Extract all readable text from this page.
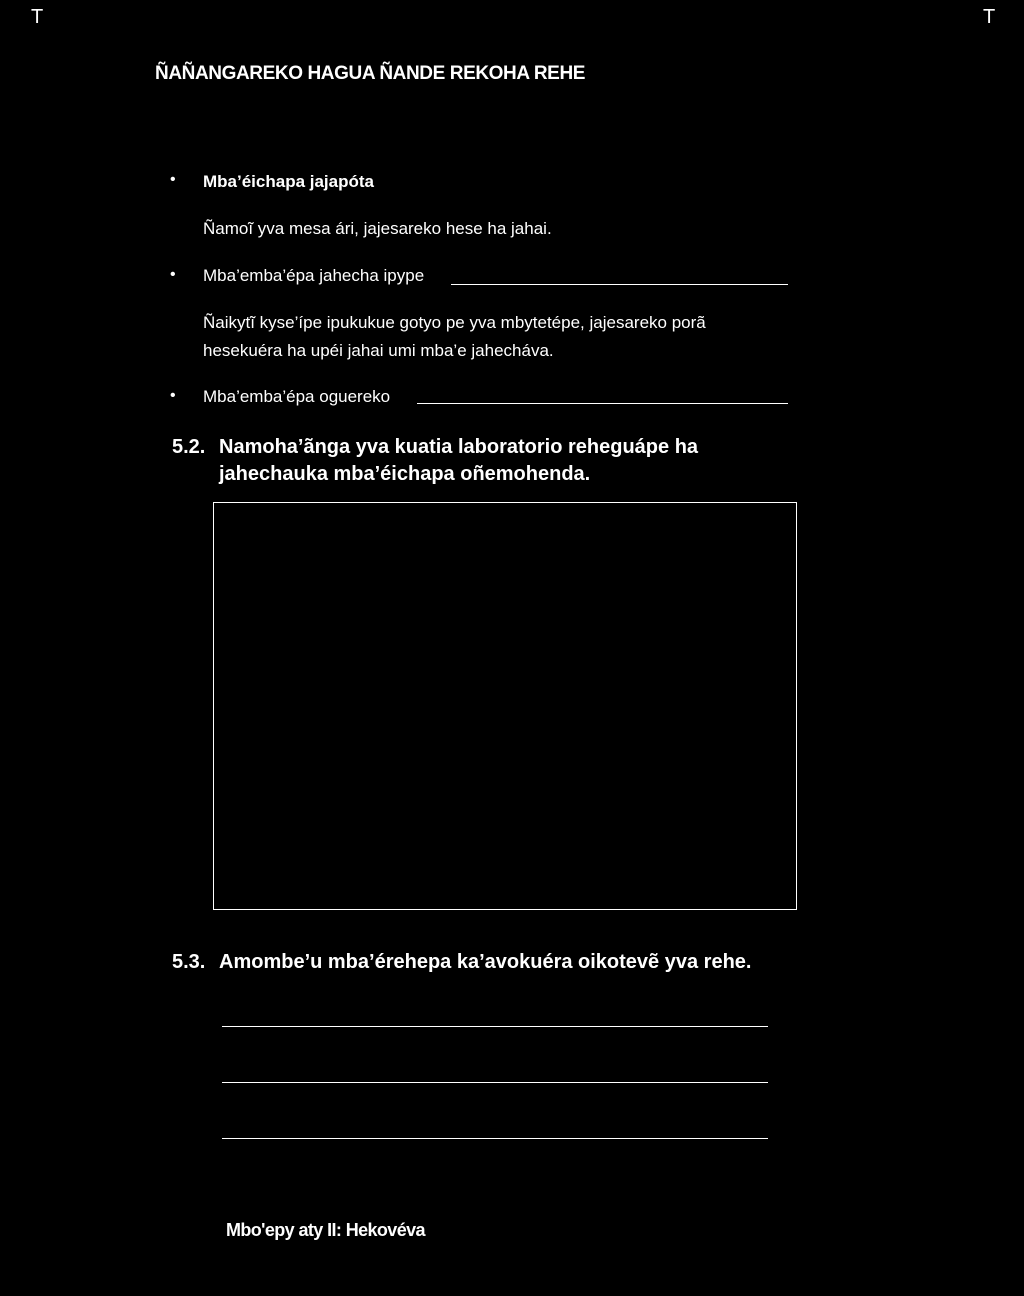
T	T
ÑAÑANGAREKO HAGUA ÑANDE REKOHA REHE
• Mba’éichapa jajapóta
Ñamoĩ yva mesa ári, jajesareko hese ha jahai.
• Mba’emba’épa jahecha ipype
Ñaikytĩ kyse’ípe ipukukue gotyo pe yva mbytetépe, jajesareko porã
hesekuéra ha upéi jahai umi mba’e jahecháva.
• Mba’emba’épa oguereko
5.2. Namoha’ãnga yva kuatia laboratorio reheguápe ha
jahechauka mba’éichapa oñemohenda.
5.3. Amombe’u mba’érehepa ka’avokuéra oikotevẽ yva rehe.
Mbo'epy aty II: Hekovéva
